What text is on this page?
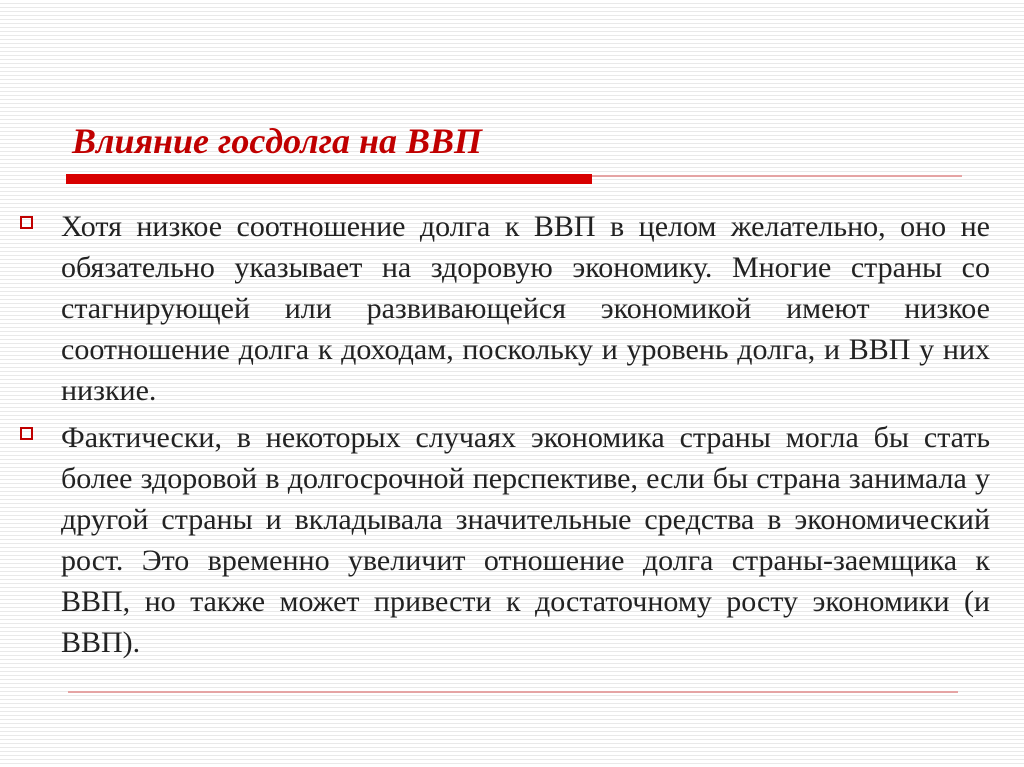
Влияние госдолга на ВВП
Хотя низкое соотношение долга к ВВП в целом желательно, оно не обязательно указывает на здоровую экономику. Многие страны со стагнирующей или развивающейся экономикой имеют низкое соотношение долга к доходам, поскольку и уровень долга, и ВВП у них низкие.
Фактически, в некоторых случаях экономика страны могла бы стать более здоровой в долгосрочной перспективе, если бы страна занимала у другой страны и вкладывала значительные средства в экономический рост. Это временно увеличит отношение долга страны-заемщика к ВВП, но также может привести к достаточному росту экономики (и ВВП).
